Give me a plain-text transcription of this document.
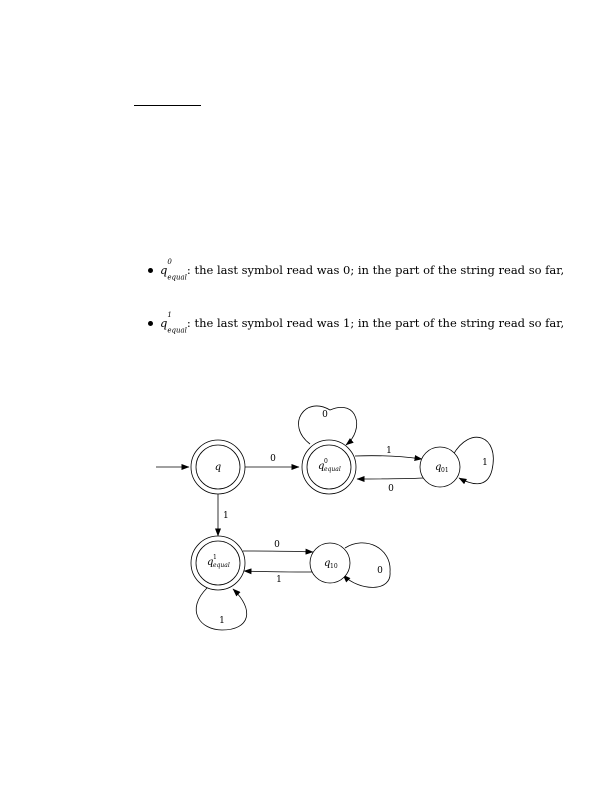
$q^0$
$_{equal}$: the last symbol read was 0; in the part of the string read so far,
$q^1$
$_{equal}$: the last symbol read was 1; in the part of the string read so far,
0
1
0
1
0
1
0
1
0
1
q	q 0
equal	q 01
q 1
equal	q 10
